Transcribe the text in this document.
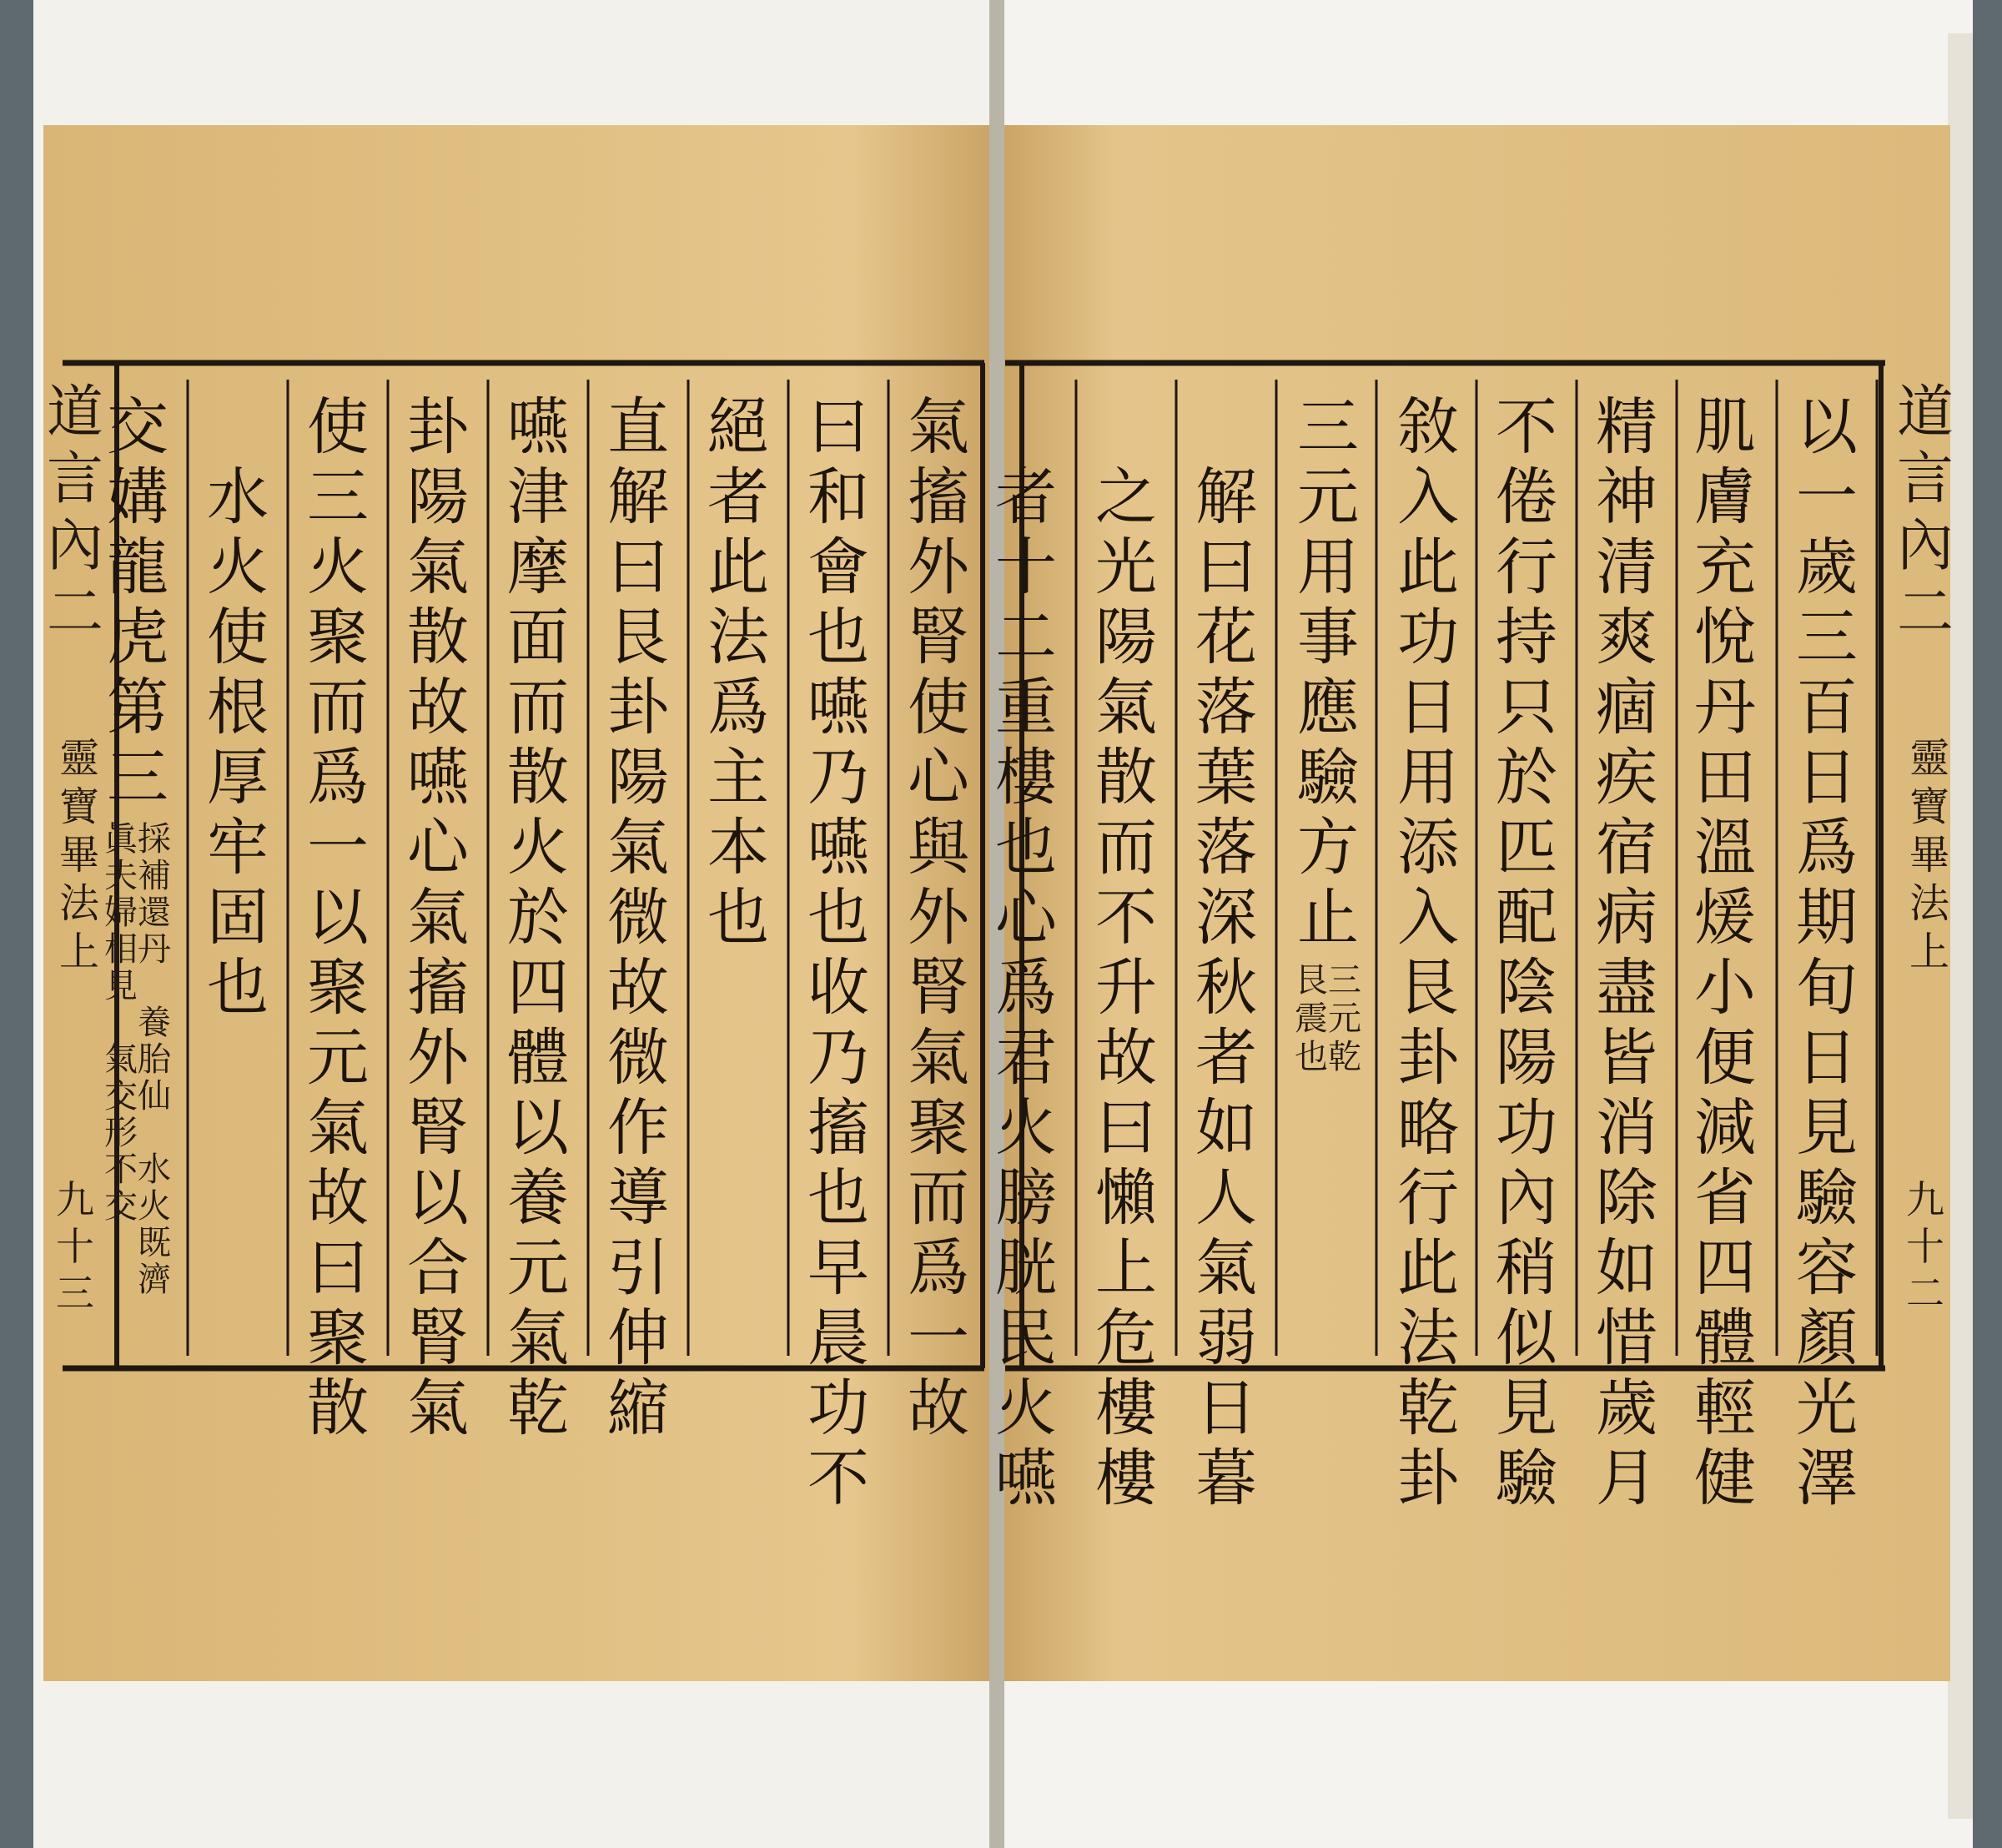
以
一
歲
三
百
日
爲
期
旬
日
見
驗
容
顏
光
澤
肌
膚
充
悅
丹
田
溫
煖
小
便
減
省
四
體
輕
健
精
神
清
爽
痼
疾
宿
病
盡
皆
消
除
如
惜
歲
月
不
倦
行
持
只
於
匹
配
陰
陽
功
內
稍
似
見
驗
敘
入
此
功
日
用
添
入
艮
卦
略
行
此
法
乾
卦
三
元
用
事
應
驗
方
止
三
元
乾
艮
震
也
解
曰
花
落
葉
落
深
秋
者
如
人
氣
弱
日
暮
之
光
陽
氣
散
而
不
升
故
曰
懶
上
危
樓
樓
者
十
二
重
樓
也
心
爲
君
火
膀
胱
民
火
嚥
氣
搐
外
腎
使
心
與
外
腎
氣
聚
而
爲
一
故
曰
和
會
也
嚥
乃
嚥
也
收
乃
搐
也
早
晨
功
不
絕
者
此
法
爲
主
本
也
直
解
曰
艮
卦
陽
氣
微
故
微
作
導
引
伸
縮
嚥
津
摩
面
而
散
火
於
四
體
以
養
元
氣
乾
卦
陽
氣
散
故
嚥
心
氣
搐
外
腎
以
合
腎
氣
使
三
火
聚
而
爲
一
以
聚
元
氣
故
曰
聚
散
水
火
使
根
厚
牢
固
也
交
媾
龍
虎
第
三
採
補
還
丹

養
胎
仙

水
火
既
濟
眞
夫
婦
相
見

氣
交
形
不
交
道
言
內
二
靈
寶
畢
法
上
九
十
二
道
言
內
二
靈
寶
畢
法
上
九
十
三
